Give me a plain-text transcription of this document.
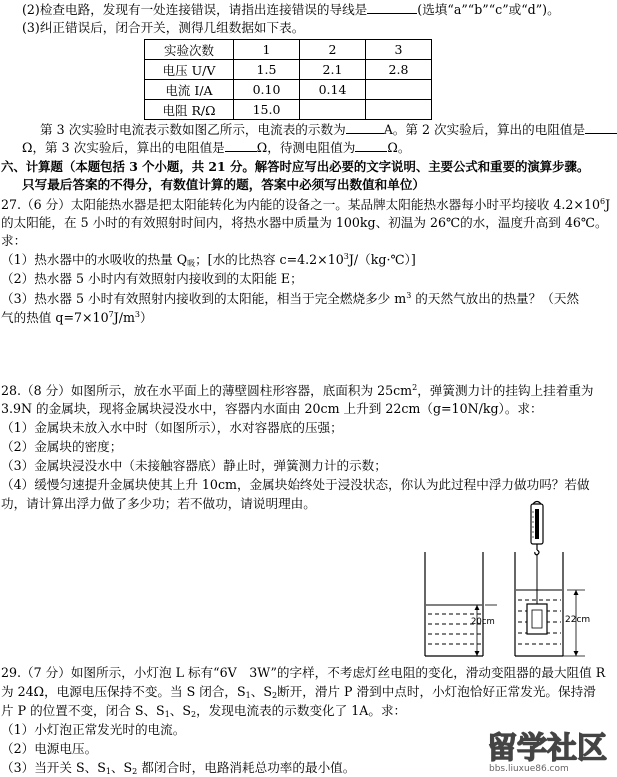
(2)检查电路，发现有一处连接错误，请指出连接错误的导线是	(选填“a”“b”“c”或“d”)。
(3)纠正错误后，闭合开关，测得几组数据如下表。
实验次数	1	2	3
电压 U/V	1.5	2.1	2.8
电流 I/A	0.10	0.14	
电阻 R/Ω	15.0		
第 3 次实验时电流表示数如图乙所示，电流表的示数为	A。第 2 次实验后，算出的电阻值是
Ω，第 3 次实验后，算出的电阻值是	Ω，待测电阻值为	Ω。
六、计算题（本题包括 3 个小题，共 21 分。解答时应写出必要的文字说明、主要公式和重要的演算步骤。
只写最后答案的不得分，有数值计算的题，答案中必须写出数值和单位）
27.（6 分）太阳能热水器是把太阳能转化为内能的设备之一。某品牌太阳能热水器每小时平均接收 $4.2\times 10^6J$
的太阳能，在 5 小时的有效照射时间内，将热水器中质量为 100kg、初温为 26℃的水，温度升高到 46℃。
求：
（1）热水器中的水吸收的热量 $Q_吸$；[水的比热容 $c=4.2\times 10^3J/(kg\cdot℃)$]
（2）热水器 5 小时内有效照射内接收到的太阳能 E；
（3）热水器 5 小时有效照射内接收到的太阳能，相当于完全燃烧多少 $m^3$ 的天然气放出的热量？（天然
气的热值 $q=7\times 10^7J/m^3$）
28.（8 分）如图所示，放在水平面上的薄壁圆柱形容器，底面积为 $25cm^2$，弹簧测力计的挂钩上挂着重为
3.9N 的金属块，现将金属块浸没水中，容器内水面由 20cm 上升到 22cm（g=10N/kg）。求：
（1）金属块未放入水中时（如图所示），水对容器底的压强；
（2）金属块的密度；
（3）金属块浸没水中（未接触容器底）静止时，弹簧测力计的示数；
（4）缓慢匀速提升金属块使其上升 10cm，金属块始终处于浸没状态，你认为此过程中浮力做功吗？若做
功，请计算出浮力做了多少功；若不做功，请说明理由。
20cm	22cm
29.（7 分）如图所示，小灯泡 L 标有“6V　3W”的字样，不考虑灯丝电阻的变化，滑动变阻器的最大阻值 R
为 24Ω，电源电压保持不变。当 S 闭合，$S_1$、$S_2$断开，滑片 P 滑到中点时，小灯泡恰好正常发光。保持滑
片 P 的位置不变，闭合 S、$S_1$、$S_2$，发现电流表的示数变化了 1A。求：
（1）小灯泡正常发光时的电流。
（2）电源电压。
（3）当开关 S、$S_1$、$S_2$ 都闭合时，电路消耗总功率的最小值。
留学社区
bbs.liuxue86.com
